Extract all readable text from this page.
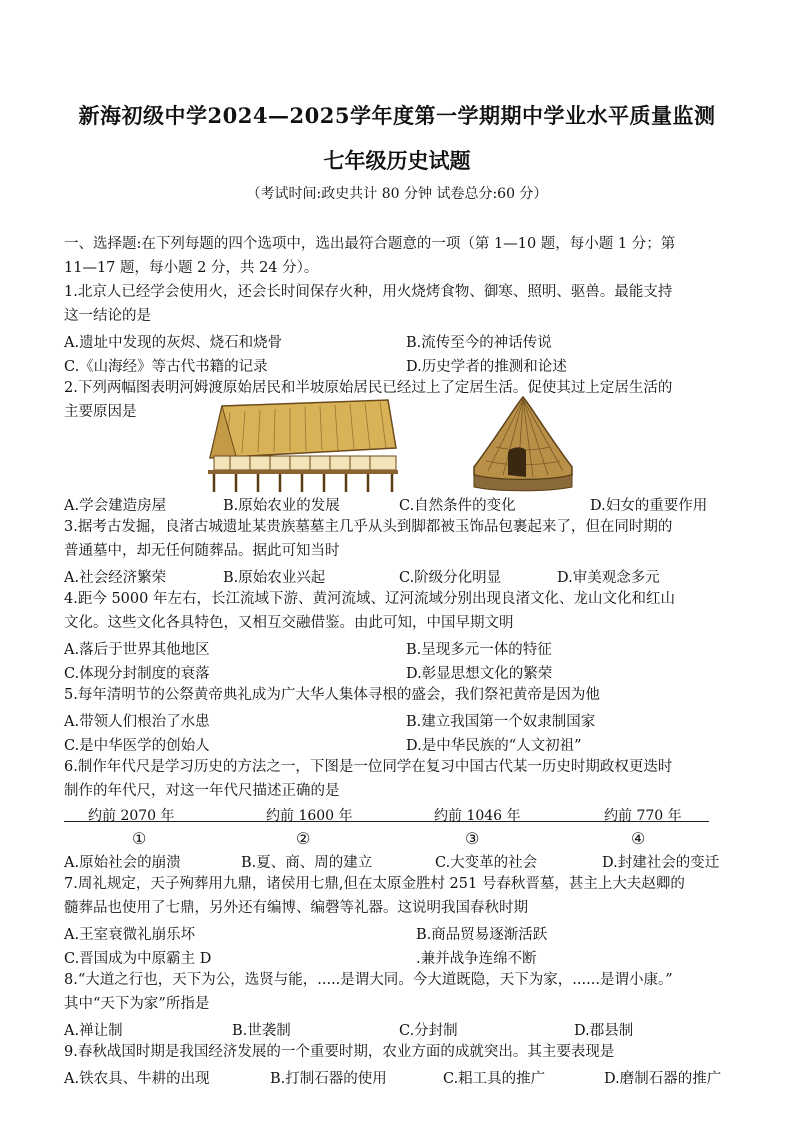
新海初级中学2024—2025学年度第一学期期中学业水平质量监测
七年级历史试题
（考试时间:政史共计 80 分钟 试卷总分:60 分）
一、选择题:在下列每题的四个选项中，选出最符合题意的一项（第 1—10 题，每小题 1 分；第
11—17 题，每小题 2 分，共 24 分）。
1.北京人已经学会使用火，还会长时间保存火种，用火烧烤食物、御寒、照明、驱兽。最能支持
这一结论的是
A.遗址中发现的灰烬、烧石和烧骨	B.流传至今的神话传说
C.《山海经》等古代书籍的记录	D.历史学者的推测和论述
2.下列两幅图表明河姆渡原始居民和半坡原始居民已经过上了定居生活。促使其过上定居生活的
主要原因是
A.学会建造房屋	B.原始农业的发展	C.自然条件的变化	D.妇女的重要作用
3.据考古发掘，良渚古城遗址某贵族墓墓主几乎从头到脚都被玉饰品包裹起来了，但在同时期的
普通墓中，却无任何随葬品。据此可知当时
A.社会经济繁荣	B.原始农业兴起	C.阶级分化明显	D.审美观念多元
4.距今 5000 年左右，长江流域下游、黄河流域、辽河流域分别出现良渚文化、龙山文化和红山
文化。这些文化各具特色，又相互交融借鉴。由此可知，中国早期文明
A.落后于世界其他地区	B.呈现多元一体的特征
C.体现分封制度的衰落	D.彰显思想文化的繁荣
5.每年清明节的公祭黄帝典礼成为广大华人集体寻根的盛会，我们祭祀黄帝是因为他
A.带领人们根治了水患	B.建立我国第一个奴隶制国家
C.是中华医学的创始人	D.是中华民族的“人文初祖”
6.制作年代尺是学习历史的方法之一，下图是一位同学在复习中国古代某一历史时期政权更迭时
制作的年代尺，对这一年代尺描述正确的是
约前 2070 年	约前 1600 年	约前 1046 年	约前 770 年
①	②	③	④
A.原始社会的崩溃	B.夏、商、周的建立	C.大变革的社会	D.封建社会的变迁
7.周礼规定，天子殉葬用九鼎，诸侯用七鼎,但在太原金胜村 251 号春秋晋墓，甚主上大夫赵卿的
髓葬品也使用了七鼎，另外还有编博、编磬等礼器。这说明我国春秋时期
A.王室衰微礼崩乐坏	B.商品贸易逐渐活跃
C.晋国成为中原霸主 D	.兼并战争连绵不断
8.“大道之行也，天下为公，选贤与能，.....是谓大同。今大道既隐，天下为家，......是谓小康。”
其中“天下为家”所指是
A.禅让制	B.世袭制	C.分封制	D.郡县制
9.春秋战国时期是我国经济发展的一个重要时期，农业方面的成就突出。其主要表现是
A.铁农具、牛耕的出现	B.打制石器的使用	C.耜工具的推广	D.磨制石器的推广
